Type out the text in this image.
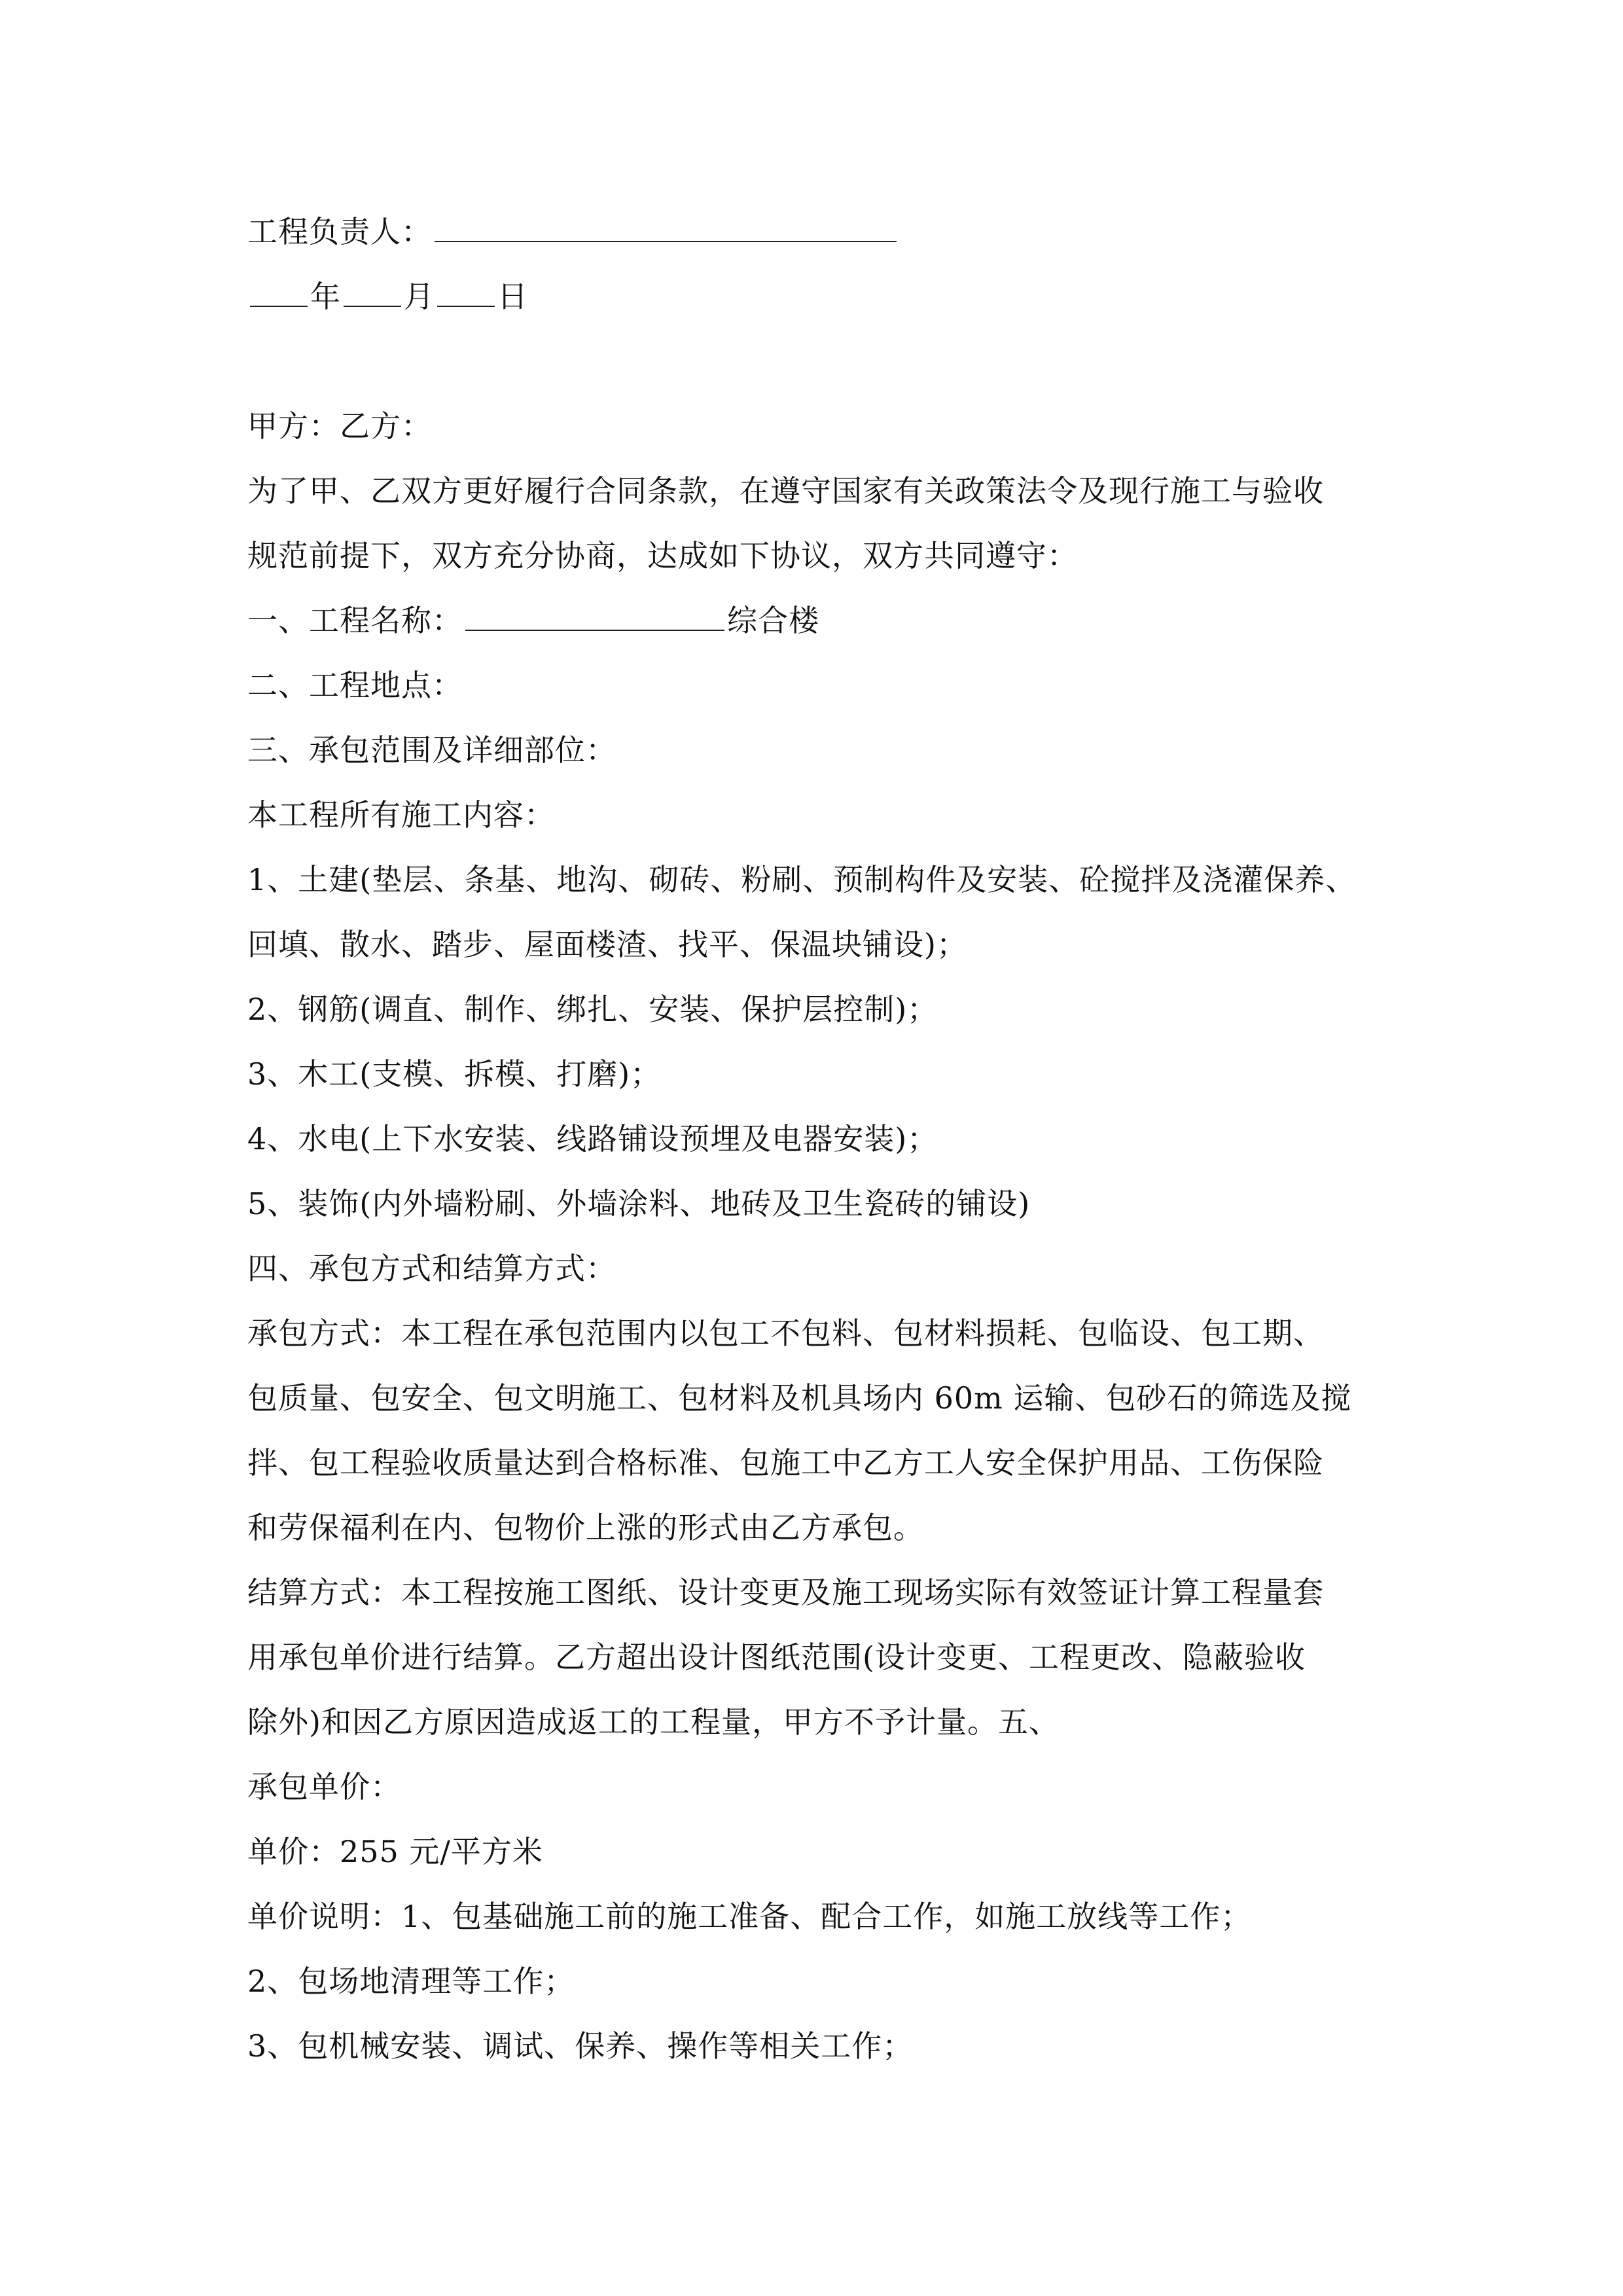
工程负责人：
年 月 日
甲方：乙方：
为了甲、乙双方更好履行合同条款，在遵守国家有关政策法令及现行施工与验收
规范前提下，双方充分协商，达成如下协议，双方共同遵守：
一、工程名称：	综合楼
二、工程地点：
三、承包范围及详细部位：
本工程所有施工内容：
1、土建(垫层、条基、地沟、砌砖、粉刷、预制构件及安装、砼搅拌及浇灌保养、
回填、散水、踏步、屋面楼渣、找平、保温块铺设)；
2、钢筋(调直、制作、绑扎、安装、保护层控制)；
3、木工(支模、拆模、打磨)；
4、水电(上下水安装、线路铺设预埋及电器安装)；
5、装饰(内外墙粉刷、外墙涂料、地砖及卫生瓷砖的铺设)
四、承包方式和结算方式：
承包方式：本工程在承包范围内以包工不包料、包材料损耗、包临设、包工期、
包质量、包安全、包文明施工、包材料及机具场内 60m 运输、包砂石的筛选及搅
拌、包工程验收质量达到合格标准、包施工中乙方工人安全保护用品、工伤保险
和劳保福利在内、包物价上涨的形式由乙方承包。
结算方式：本工程按施工图纸、设计变更及施工现场实际有效签证计算工程量套
用承包单价进行结算。乙方超出设计图纸范围(设计变更、工程更改、隐蔽验收
除外)和因乙方原因造成返工的工程量，甲方不予计量。五、
承包单价：
单价：255 元/平方米
单价说明：1、包基础施工前的施工准备、配合工作，如施工放线等工作；
2、包场地清理等工作；
3、包机械安装、调试、保养、操作等相关工作；
